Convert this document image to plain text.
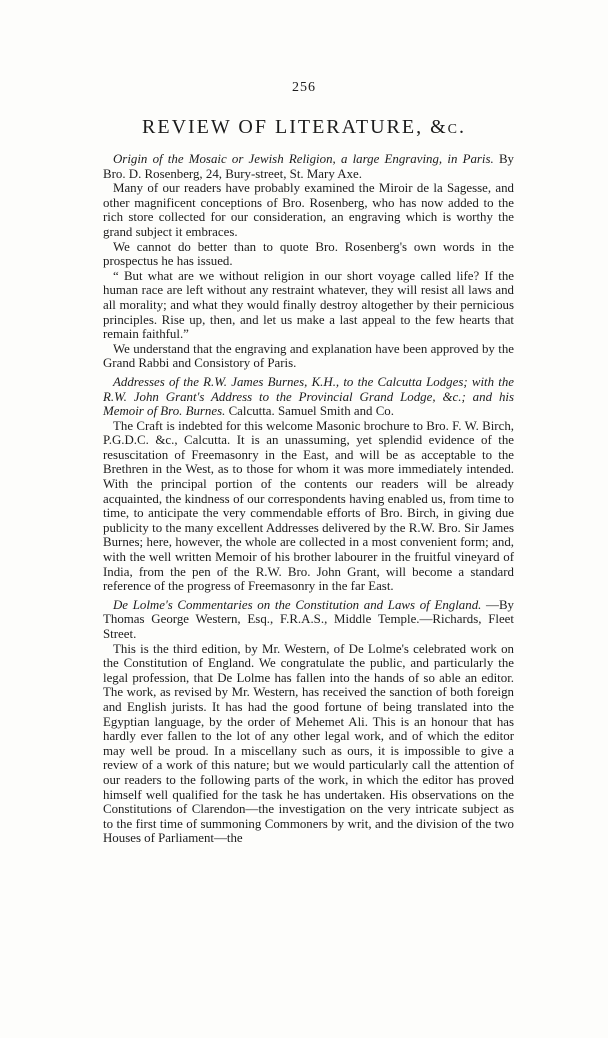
256
REVIEW OF LITERATURE, &c.

Origin of the Mosaic or Jewish Religion, a large Engraving, in Paris. By Bro. D. Rosenberg, 24, Bury-street, St. Mary Axe.

Many of our readers have probably examined the Miroir de la Sagesse, and other magnificent conceptions of Bro. Rosenberg, who has now added to the rich store collected for our consideration, an engraving which is worthy the grand subject it embraces.

We cannot do better than to quote Bro. Rosenberg's own words in the prospectus he has issued.

“ But what are we without religion in our short voyage called life? If the human race are left without any restraint whatever, they will resist all laws and all morality; and what they would finally destroy altogether by their pernicious principles. Rise up, then, and let us make a last appeal to the few hearts that remain faithful.”

We understand that the engraving and explanation have been approved by the Grand Rabbi and Consistory of Paris.

Addresses of the R.W. James Burnes, K.H., to the Calcutta Lodges; with the R.W. John Grant's Address to the Provincial Grand Lodge, &c.; and his Memoir of Bro. Burnes. Calcutta. Samuel Smith and Co.

The Craft is indebted for this welcome Masonic brochure to Bro. F. W. Birch, P.G.D.C. &c., Calcutta. It is an unassuming, yet splendid evidence of the resuscitation of Freemasonry in the East, and will be as acceptable to the Brethren in the West, as to those for whom it was more immediately intended. With the principal portion of the contents our readers will be already acquainted, the kindness of our correspondents having enabled us, from time to time, to anticipate the very commendable efforts of Bro. Birch, in giving due publicity to the many excellent Addresses delivered by the R.W. Bro. Sir James Burnes; here, however, the whole are collected in a most convenient form; and, with the well written Memoir of his brother labourer in the fruitful vineyard of India, from the pen of the R.W. Bro. John Grant, will become a standard reference of the progress of Freemasonry in the far East.

De Lolme's Commentaries on the Constitution and Laws of England. —By Thomas George Western, Esq., F.R.A.S., Middle Temple.—Richards, Fleet Street.

This is the third edition, by Mr. Western, of De Lolme's celebrated work on the Constitution of England. We congratulate the public, and particularly the legal profession, that De Lolme has fallen into the hands of so able an editor. The work, as revised by Mr. Western, has received the sanction of both foreign and English jurists. It has had the good fortune of being translated into the Egyptian language, by the order of Mehemet Ali. This is an honour that has hardly ever fallen to the lot of any other legal work, and of which the editor may well be proud. In a miscellany such as ours, it is impossible to give a review of a work of this nature; but we would particularly call the attention of our readers to the following parts of the work, in which the editor has proved himself well qualified for the task he has undertaken. His observations on the Constitutions of Clarendon—the investigation on the very intricate subject as to the first time of summoning Commoners by writ, and the division of the two Houses of Parliament—the
